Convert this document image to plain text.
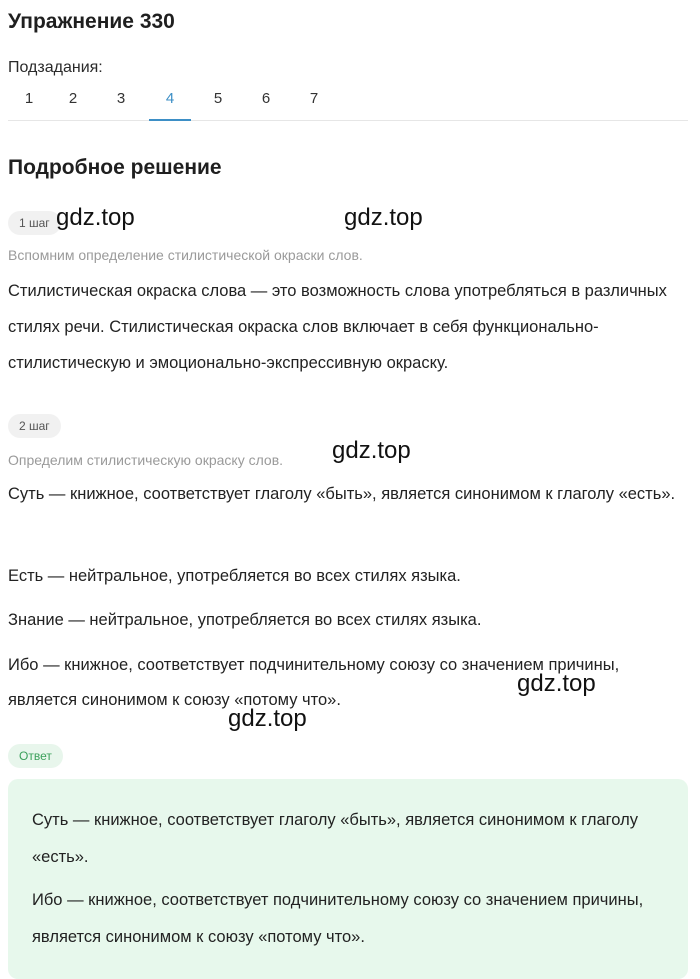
Упражнение 330
Подзадания:
1	2	3	4	5	6	7
Подробное решение
1 шаг
Вспомним определение стилистической окраски слов.

Стилистическая окраска слова — это возможность слова употребляться в различных стилях речи. Стилистическая окраска слов включает в себя функционально-стилистическую и эмоционально-экспрессивную окраску.

2 шаг
Определим стилистическую окраску слов.

Суть — книжное, соответствует глаголу «быть», является синонимом к глаголу «есть».

Есть — нейтральное, употребляется во всех стилях языка.

Знание — нейтральное, употребляется во всех стилях языка.

Ибо — книжное, соответствует подчинительному союзу со значением причины, является синонимом к союзу «потому что».

Ответ

Суть — книжное, соответствует глаголу «быть», является синонимом к глаголу «есть».

Ибо — книжное, соответствует подчинительному союзу со значением причины, является синонимом к союзу «потому что».

gdz.top	gdz.top
gdz.top
gdz.top
gdz.top
